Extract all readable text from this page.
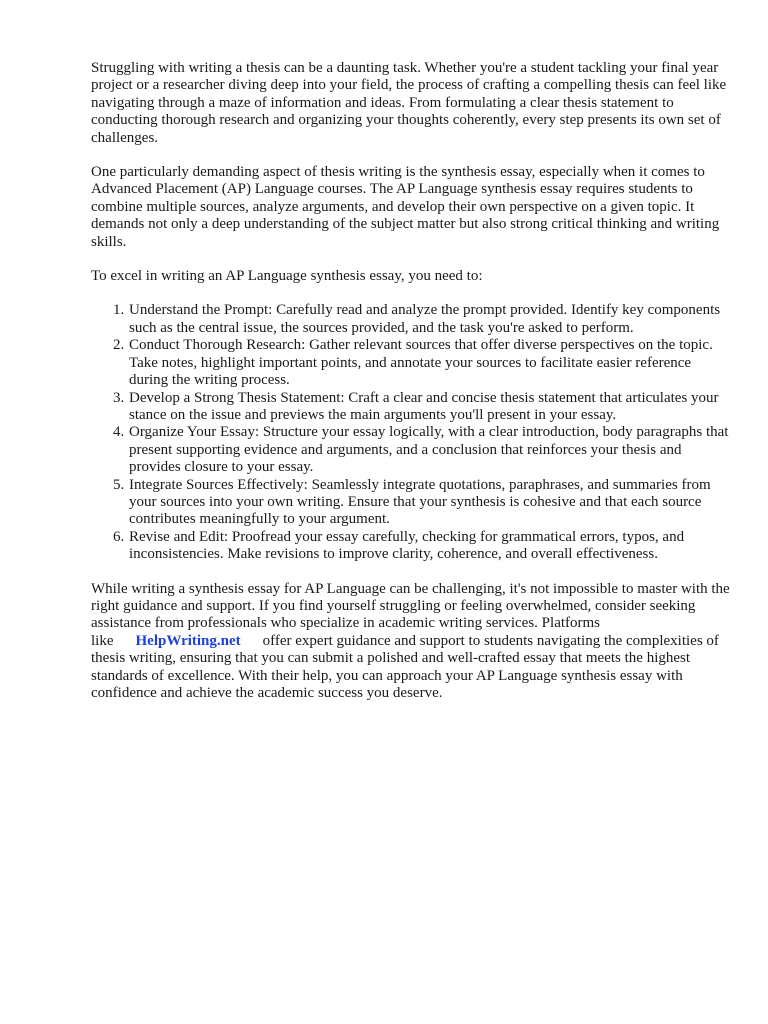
Struggling with writing a thesis can be a daunting task. Whether you're a student tackling your final year project or a researcher diving deep into your field, the process of crafting a compelling thesis can feel like navigating through a maze of information and ideas. From formulating a clear thesis statement to conducting thorough research and organizing your thoughts coherently, every step presents its own set of challenges.

One particularly demanding aspect of thesis writing is the synthesis essay, especially when it comes to Advanced Placement (AP) Language courses. The AP Language synthesis essay requires students to combine multiple sources, analyze arguments, and develop their own perspective on a given topic. It demands not only a deep understanding of the subject matter but also strong critical thinking and writing skills.

To excel in writing an AP Language synthesis essay, you need to:

1. Understand the Prompt: Carefully read and analyze the prompt provided. Identify key components such as the central issue, the sources provided, and the task you're asked to perform.
2. Conduct Thorough Research: Gather relevant sources that offer diverse perspectives on the topic. Take notes, highlight important points, and annotate your sources to facilitate easier reference during the writing process.
3. Develop a Strong Thesis Statement: Craft a clear and concise thesis statement that articulates your stance on the issue and previews the main arguments you'll present in your essay.
4. Organize Your Essay: Structure your essay logically, with a clear introduction, body paragraphs that present supporting evidence and arguments, and a conclusion that reinforces your thesis and provides closure to your essay.
5. Integrate Sources Effectively: Seamlessly integrate quotations, paraphrases, and summaries from your sources into your own writing. Ensure that your synthesis is cohesive and that each source contributes meaningfully to your argument.
6. Revise and Edit: Proofread your essay carefully, checking for grammatical errors, typos, and inconsistencies. Make revisions to improve clarity, coherence, and overall effectiveness.

While writing a synthesis essay for AP Language can be challenging, it's not impossible to master with the right guidance and support. If you find yourself struggling or feeling overwhelmed, consider seeking assistance from professionals who specialize in academic writing services. Platforms like HelpWriting.net offer expert guidance and support to students navigating the complexities of thesis writing, ensuring that you can submit a polished and well-crafted essay that meets the highest standards of excellence. With their help, you can approach your AP Language synthesis essay with confidence and achieve the academic success you deserve.
